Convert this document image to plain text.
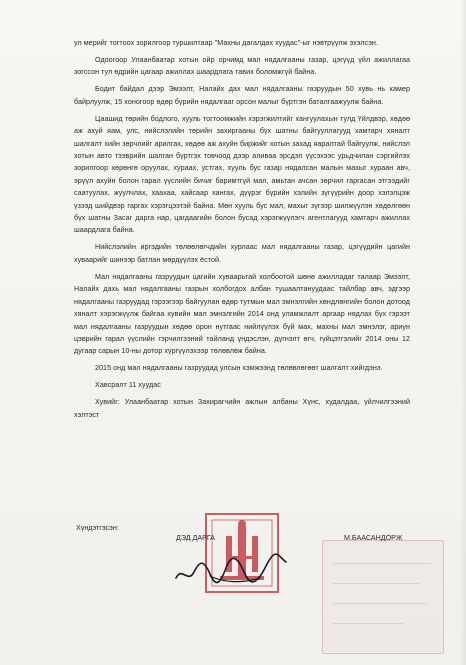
ул мерийг тогтоох зорилгоор туршилтаар "Махны дагалдах хуудас"-ыг нэвтрүүлж эхэлсэн.

Одоогоор Улаанбаатар хотын ойр орчимд мал нядалгааны газар, цэгүүд үйл ажиллагаа зогссон тул өдрийн цагаар ажиллах шаардлага тавих боломжгүй байна.

Бодит байдал дээр Эмээлт, Налайх дах мал нядалгааны газруудын 50 хувь нь камер байрлуулж, 15 хоногоор өдөр бүрийн нядалгааг орсон малыг бүртгэн баталгаажуулж байна.

Цаашид төрийн бодлого, хууль тогтоомжийн хэрэгжилтийг хангуулахын тулд Үйлдвэр, хөдөө аж ахуй яам, улс, нийслэлийн төрийн захиргааны бүх шатны байгууллагууд хамтарч хяналт шалгалт хийн зөрчлийг арилгах, хөдөө аж ахуйн биржийг хотын захад яаралтай байгуулж, нийслэл хотын авто тээврийн шалган бүртгэх товчоод дээр аливаа эрсдэл үүсэхээс урьдчилан сэргийлэх зорилгоор хөрөнгө оруулах, хураах, устгах, хууль бус газар нядалсан малын махыг хураан авч, эрүүл ахуйн болон гарал үүслийн бичиг баримтгүй мал, амьтан ачсан зөрчил гаргасан этгээдийг саатуулах, жуулчлах, хаахаа, хайсаар хангах, дүүрэг бүрийн хэлийн зүгүүрийн доор хэлэлцэж үзээд шийдвэр гаргах хэрэгцээтэй байна. Мөн хууль бус мал, махыг зүгээр шилжүүлэн хөдөлгөөн бүх шатны Засаг дарга нар, цагдаагийн болон бусад хэрэгжүүлэгч агентлагууд хамтарч ажиллах шаардлага байна.

Нийслэлийн иргэдийн төлөөлөгчдийн хурлаас мал нядалгааны газар, цэгүүдийн цагийн хуваарийг шинээр батлан мөрдүүлэх ёстой.

Мал нядалгааны газруудын цагийн хуваарьтай холбоотой шөнө ажилладаг талаар Эмээлт, Налайх дахь мал нядалгааны газрын холбогдох албан тушаалтануудаас тайлбар авч, эдгээр нядалгааны газруудад гэрээгээр байгуулан өдөр тутмын мал эмнэлгийн хөндлөнгийн болон дотоод хяналт хэрэгжүүлж байгаа хувийн мал эмнэлгийн 2014 онд уламжлалт аргаар нядлах бүх гэрээт мал нядалгааны газруудын хөдөө орон нутгаас нийлүүлэх бүй мах, махны мал эмнэлэг, ариун цэврийн гарал үүслийн гэрчилгээний тайланд үндэслэн, дүгнэлт өгч, гүйцэтгэлийг 2014 оны 12 дугаар сарын 10-ны дотор хүргүүлэхээр төлөвлөж байна.

2015 онд мал нядалгааны газруудад улсын хэмжээнд төлөвлөгөөт шалгалт хийгдэнэ.

Хавсралт 11 хуудас

Хувийг: Улаанбаатар хотын Захирагчийн ажлын албаны Хүнс, худалдаа, үйлчилгээний хэлтэст

Хүндэтгэсэн:
ДЭД ДАРГА	М.БААСАНДОРЖ
